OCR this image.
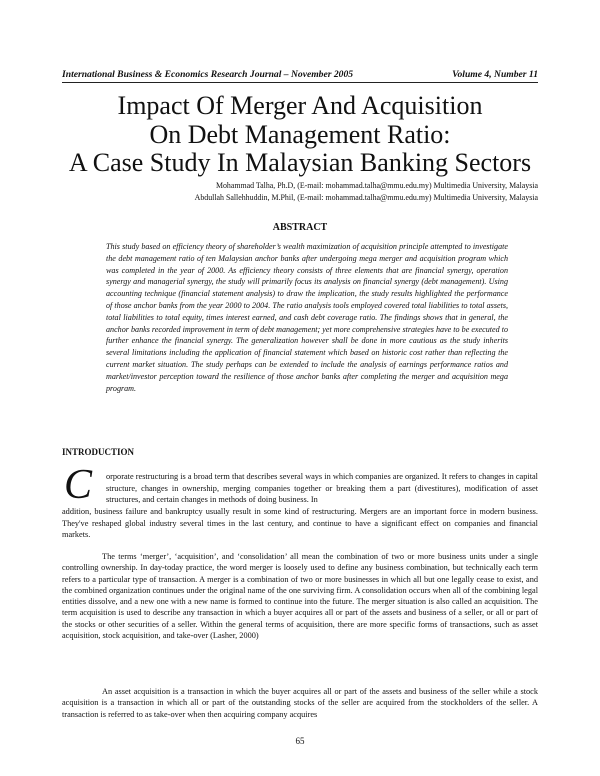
International Business & Economics Research Journal – November 2005	Volume 4, Number 11
Impact Of Merger And Acquisition
On Debt Management Ratio:
A Case Study In Malaysian Banking Sectors
Mohammad Talha, Ph.D, (E-mail: mohammad.talha@mmu.edu.my) Multimedia University, Malaysia
Abdullah Sallehhuddin, M.Phil, (E-mail: mohammad.talha@mmu.edu.my) Multimedia University, Malaysia
ABSTRACT
This study based on efficiency theory of shareholder’s wealth maximization of acquisition principle attempted to investigate the debt management ratio of ten Malaysian anchor banks after undergoing mega merger and acquisition program which was completed in the year of 2000. As efficiency theory consists of three elements that are financial synergy, operation synergy and managerial synergy, the study will primarily focus its analysis on financial synergy (debt management). Using accounting technique (financial statement analysis) to draw the implication, the study results highlighted the performance of those anchor banks from the year 2000 to 2004. The ratio analysis tools employed covered total liabilities to total assets, total liabilities to total equity, times interest earned, and cash debt coverage ratio. The findings shows that in general, the anchor banks recorded improvement in term of debt management; yet more comprehensive strategies have to be executed to further enhance the financial synergy. The generalization however shall be done in more cautious as the study inherits several limitations including the application of financial statement which based on historic cost rather than reflecting the current market situation. The study perhaps can be extended to include the analysis of earnings performance ratios and market/investor perception toward the resilience of those anchor banks after completing the merger and acquisition mega program.
INTRODUCTION
C orporate restructuring is a broad term that describes several ways in which companies are organized. It refers to changes in capital structure, changes in ownership, merging companies together or breaking them a part (divestitures), modification of asset structures, and certain changes in methods of doing business. In
addition, business failure and bankruptcy usually result in some kind of restructuring. Mergers are an important force in modern business. They've reshaped global industry several times in the last century, and continue to have a significant effect on companies and financial markets.
The terms ‘merger’, ‘acquisition’, and ‘consolidation’ all mean the combination of two or more business units under a single controlling ownership. In day-today practice, the word merger is loosely used to define any business combination, but technically each term refers to a particular type of transaction. A merger is a combination of two or more businesses in which all but one legally cease to exist, and the combined organization continues under the original name of the one surviving firm. A consolidation occurs when all of the combining legal entities dissolve, and a new one with a new name is formed to continue into the future. The merger situation is also called an acquisition. The term acquisition is used to describe any transaction in which a buyer acquires all or part of the assets and business of a seller, or all or part of the stocks or other securities of a seller. Within the general terms of acquisition, there are more specific forms of transactions, such as asset acquisition, stock acquisition, and take-over (Lasher, 2000)
An asset acquisition is a transaction in which the buyer acquires all or part of the assets and business of the seller while a stock acquisition is a transaction in which all or part of the outstanding stocks of the seller are acquired from the stockholders of the seller. A transaction is referred to as take-over when then acquiring company acquires
65
